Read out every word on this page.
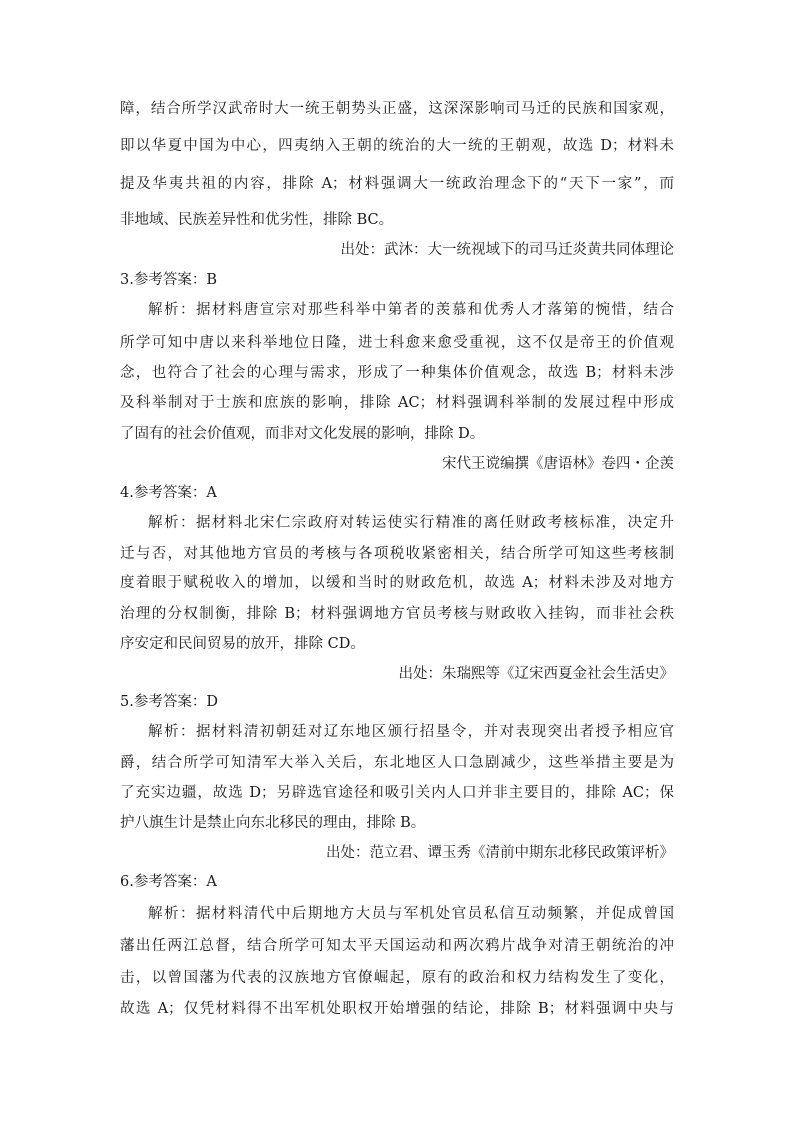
障，结合所学汉武帝时大一统王朝势头正盛，这深深影响司马迁的民族和国家观，
即以华夏中国为中心，四夷纳入王朝的统治的大一统的王朝观，故选 D；材料未
提及华夷共祖的内容，排除 A；材料强调大一统政治理念下的“天下一家”，而
非地域、民族差异性和优劣性，排除 BC。
出处：武沐：大一统视域下的司马迁炎黄共同体理论
3.参考答案：B
解析：据材料唐宣宗对那些科举中第者的羡慕和优秀人才落第的惋惜，结合
所学可知中唐以来科举地位日隆，进士科愈来愈受重视，这不仅是帝王的价值观
念，也符合了社会的心理与需求，形成了一种集体价值观念，故选 B；材料未涉
及科举制对于士族和庶族的影响，排除 AC；材料强调科举制的发展过程中形成
了固有的社会价值观，而非对文化发展的影响，排除 D。
宋代王谠编撰《唐语林》卷四・企羡
4.参考答案：A
解析：据材料北宋仁宗政府对转运使实行精准的离任财政考核标准，决定升
迁与否，对其他地方官员的考核与各项税收紧密相关，结合所学可知这些考核制
度着眼于赋税收入的增加，以缓和当时的财政危机，故选 A；材料未涉及对地方
治理的分权制衡，排除 B；材料强调地方官员考核与财政收入挂钩，而非社会秩
序安定和民间贸易的放开，排除 CD。
出处：朱瑞熙等《辽宋西夏金社会生活史》
5.参考答案：D
解析：据材料清初朝廷对辽东地区颁行招垦令，并对表现突出者授予相应官
爵，结合所学可知清军大举入关后，东北地区人口急剧减少，这些举措主要是为
了充实边疆，故选 D；另辟选官途径和吸引关内人口并非主要目的，排除 AC；保
护八旗生计是禁止向东北移民的理由，排除 B。
出处：范立君、谭玉秀《清前中期东北移民政策评析》
6.参考答案：A
解析：据材料清代中后期地方大员与军机处官员私信互动频繁，并促成曾国
藩出任两江总督，结合所学可知太平天国运动和两次鸦片战争对清王朝统治的冲
击，以曾国藩为代表的汉族地方官僚崛起，原有的政治和权力结构发生了变化，
故选 A；仅凭材料得不出军机处职权开始增强的结论，排除 B；材料强调中央与
